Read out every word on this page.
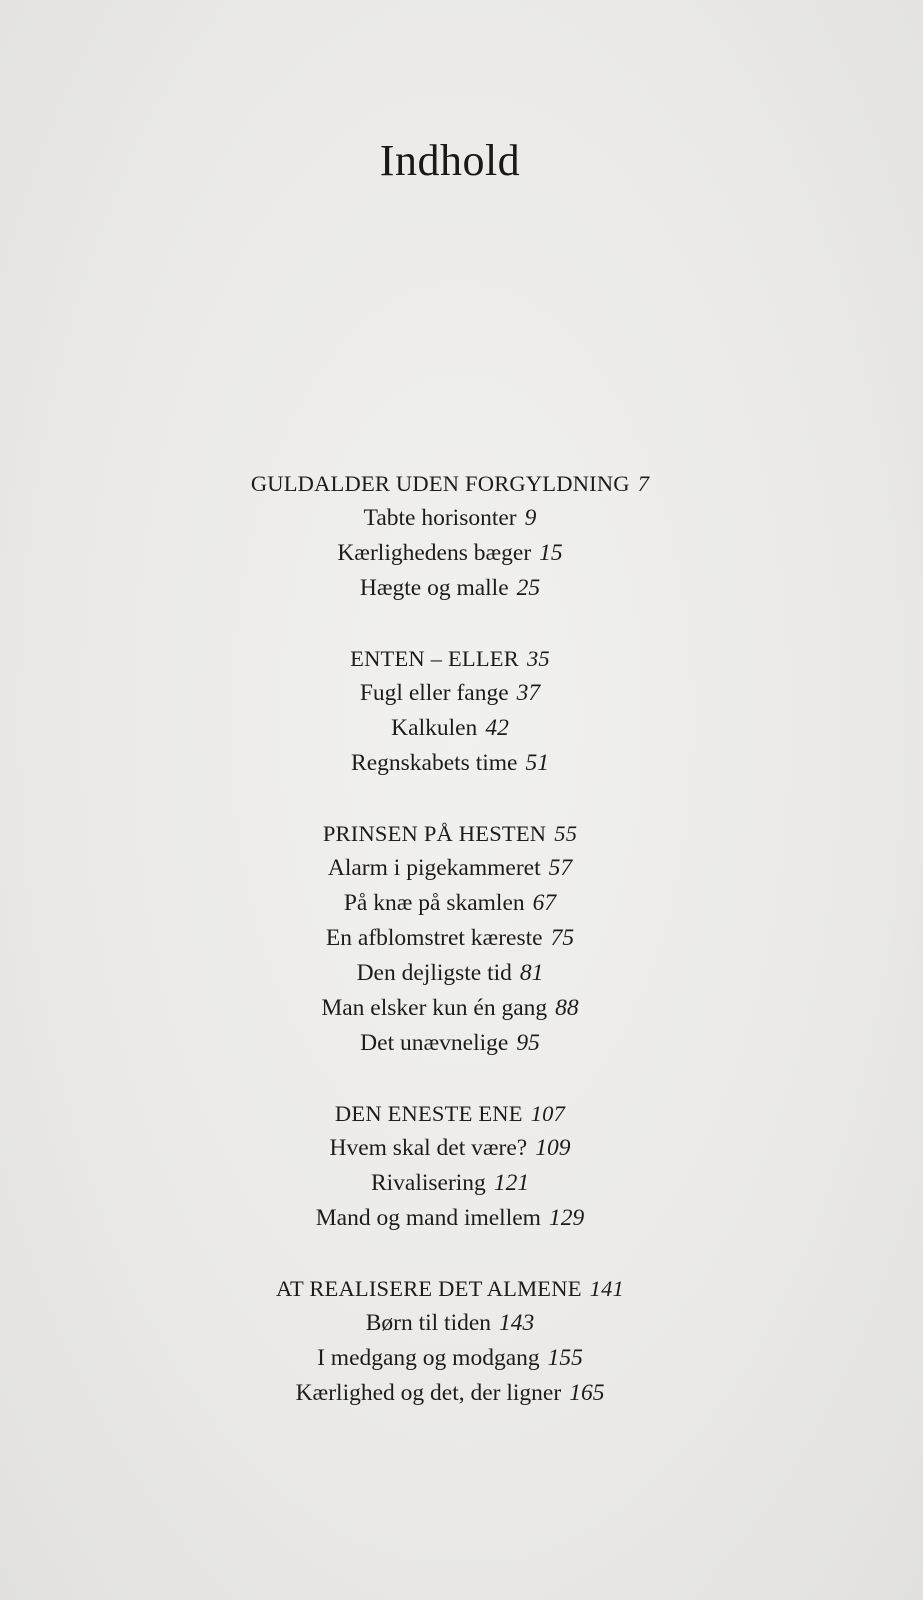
Indhold
GULDALDER UDEN FORGYLDNING 7
Tabte horisonter 9
Kærlighedens bæger 15
Hægte og malle 25
ENTEN – ELLER 35
Fugl eller fange 37
Kalkulen 42
Regnskabets time 51
PRINSEN PÅ HESTEN 55
Alarm i pigekammeret 57
På knæ på skamlen 67
En afblomstret kæreste 75
Den dejligste tid 81
Man elsker kun én gang 88
Det unævnelige 95
DEN ENESTE ENE 107
Hvem skal det være? 109
Rivalisering 121
Mand og mand imellem 129
AT REALISERE DET ALMENE 141
Børn til tiden 143
I medgang og modgang 155
Kærlighed og det, der ligner 165
